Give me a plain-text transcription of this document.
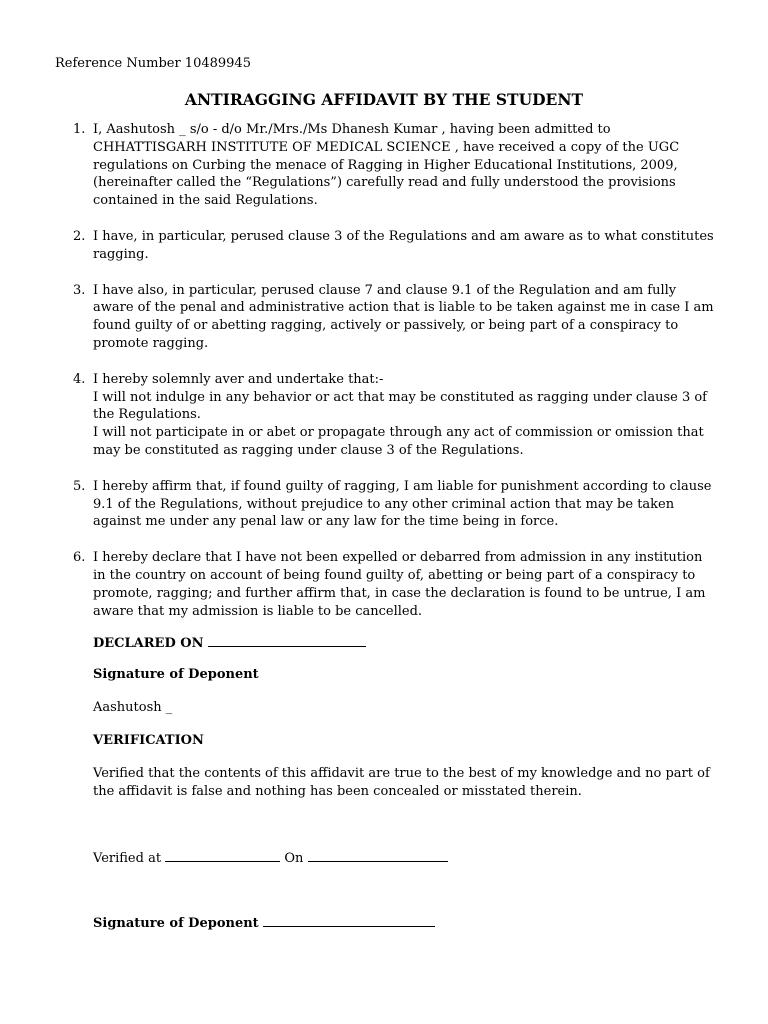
Reference Number 10489945
ANTIRAGGING AFFIDAVIT BY THE STUDENT
1. I, Aashutosh _ s/o - d/o Mr./Mrs./Ms Dhanesh Kumar , having been admitted to CHHATTISGARH INSTITUTE OF MEDICAL SCIENCE , have received a copy of the UGC regulations on Curbing the menace of Ragging in Higher Educational Institutions, 2009, (hereinafter called the “Regulations”) carefully read and fully understood the provisions contained in the said Regulations.
2. I have, in particular, perused clause 3 of the Regulations and am aware as to what constitutes ragging.
3. I have also, in particular, perused clause 7 and clause 9.1 of the Regulation and am fully aware of the penal and administrative action that is liable to be taken against me in case I am found guilty of or abetting ragging, actively or passively, or being part of a conspiracy to promote ragging.
4. I hereby solemnly aver and undertake that:-
I will not indulge in any behavior or act that may be constituted as ragging under clause 3 of the Regulations.
I will not participate in or abet or propagate through any act of commission or omission that may be constituted as ragging under clause 3 of the Regulations.
5. I hereby affirm that, if found guilty of ragging, I am liable for punishment according to clause 9.1 of the Regulations, without prejudice to any other criminal action that may be taken against me under any penal law or any law for the time being in force.
6. I hereby declare that I have not been expelled or debarred from admission in any institution in the country on account of being found guilty of, abetting or being part of a conspiracy to promote, ragging; and further affirm that, in case the declaration is found to be untrue, I am aware that my admission is liable to be cancelled.
DECLARED ON
Signature of Deponent
Aashutosh _
VERIFICATION
Verified that the contents of this affidavit are true to the best of my knowledge and no part of the affidavit is false and nothing has been concealed or misstated therein.
Verified at	On
Signature of Deponent
